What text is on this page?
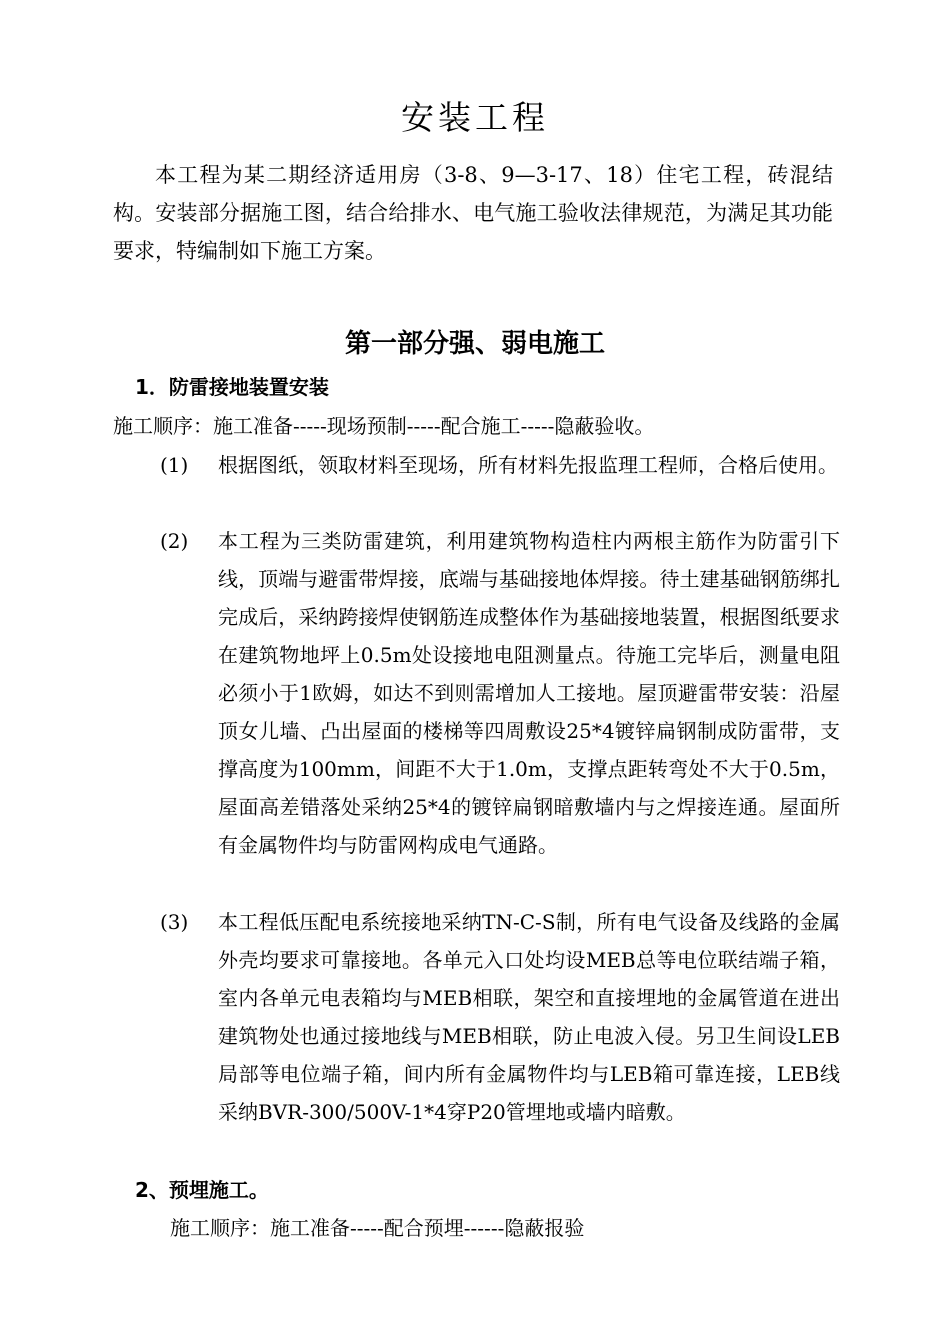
安装工程
本工程为某二期经济适用房（3-8、9—3-17、18）住宅工程，砖混结构。安装部分据施工图，结合给排水、电气施工验收法律规范，为满足其功能要求，特编制如下施工方案。
第一部分强、弱电施工
1．防雷接地装置安装
施工顺序：施工准备-----现场预制-----配合施工-----隐蔽验收。
(1)	根据图纸，领取材料至现场，所有材料先报监理工程师，合格后使用。
(2)	本工程为三类防雷建筑，利用建筑物构造柱内两根主筋作为防雷引下线，顶端与避雷带焊接，底端与基础接地体焊接。待土建基础钢筋绑扎完成后，采纳跨接焊使钢筋连成整体作为基础接地装置，根据图纸要求在建筑物地坪上0.5m处设接地电阻测量点。待施工完毕后，测量电阻必须小于1欧姆，如达不到则需增加人工接地。屋顶避雷带安装：沿屋顶女儿墙、凸出屋面的楼梯等四周敷设25*4镀锌扁钢制成防雷带，支撑高度为100mm，间距不大于1.0m，支撑点距转弯处不大于0.5m，屋面高差错落处采纳25*4的镀锌扁钢暗敷墙内与之焊接连通。屋面所有金属物件均与防雷网构成电气通路。
(3)	本工程低压配电系统接地采纳TN-C-S制，所有电气设备及线路的金属外壳均要求可靠接地。各单元入口处均设MEB总等电位联结端子箱，室内各单元电表箱均与MEB相联，架空和直接埋地的金属管道在进出建筑物处也通过接地线与MEB相联，防止电波入侵。另卫生间设LEB局部等电位端子箱，间内所有金属物件均与LEB箱可靠连接，LEB线采纳BVR-300/500V-1*4穿P20管埋地或墙内暗敷。
2、预埋施工。
施工顺序：施工准备-----配合预埋------隐蔽报验
